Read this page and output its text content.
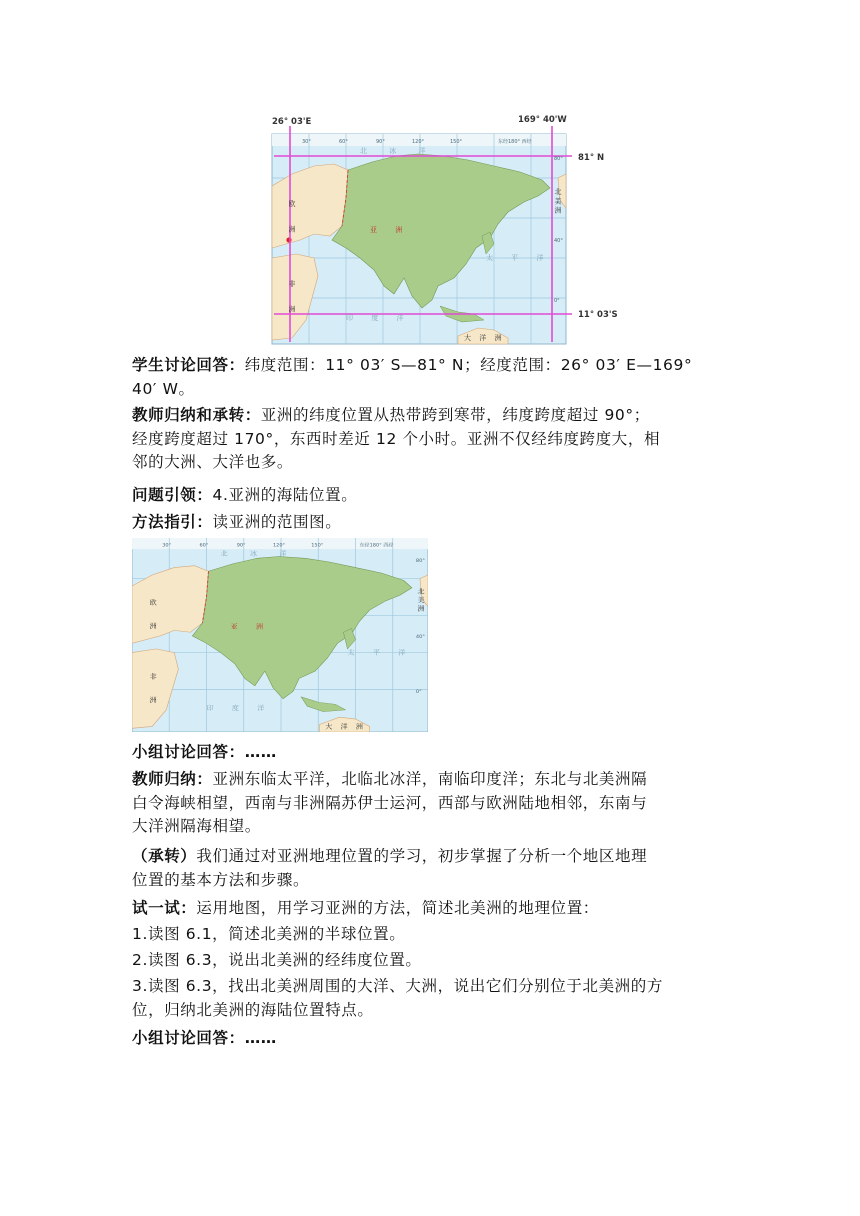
30°	60°	90°	120°	150°	东经180° 西经
80°
40°
0°
欧 洲
非 洲
亚 洲
北 美 洲
北 冰 洋
太 平 洋
印 度 洋
大 洋 洲
26° 03'E	169° 40'W
81° N
11° 03'S
学生讨论回答：纬度范围：11° 03′ S—81° N；经度范围：26° 03′ E—169°
40′ W。
教师归纳和承转：亚洲的纬度位置从热带跨到寒带，纬度跨度超过 90°；
经度跨度超过 170°，东西时差近 12 个小时。亚洲不仅经纬度跨度大，相
邻的大洲、大洋也多。
问题引领：4.亚洲的海陆位置。
方法指引：读亚洲的范围图。
30°	60°	90°	120°	150°	东经180° 西经
80°
40°
0°
欧 洲
非 洲
亚 洲
北 美 洲
北 冰 洋
太 平 洋
印 度 洋
大 洋 洲
小组讨论回答：……
教师归纳：亚洲东临太平洋，北临北冰洋，南临印度洋；东北与北美洲隔
白令海峡相望，西南与非洲隔苏伊士运河，西部与欧洲陆地相邻，东南与
大洋洲隔海相望。
（承转）我们通过对亚洲地理位置的学习，初步掌握了分析一个地区地理
位置的基本方法和步骤。
试一试：运用地图，用学习亚洲的方法，简述北美洲的地理位置：
1.读图 6.1，简述北美洲的半球位置。
2.读图 6.3，说出北美洲的经纬度位置。
3.读图 6.3，找出北美洲周围的大洋、大洲，说出它们分别位于北美洲的方
位，归纳北美洲的海陆位置特点。
小组讨论回答：……
